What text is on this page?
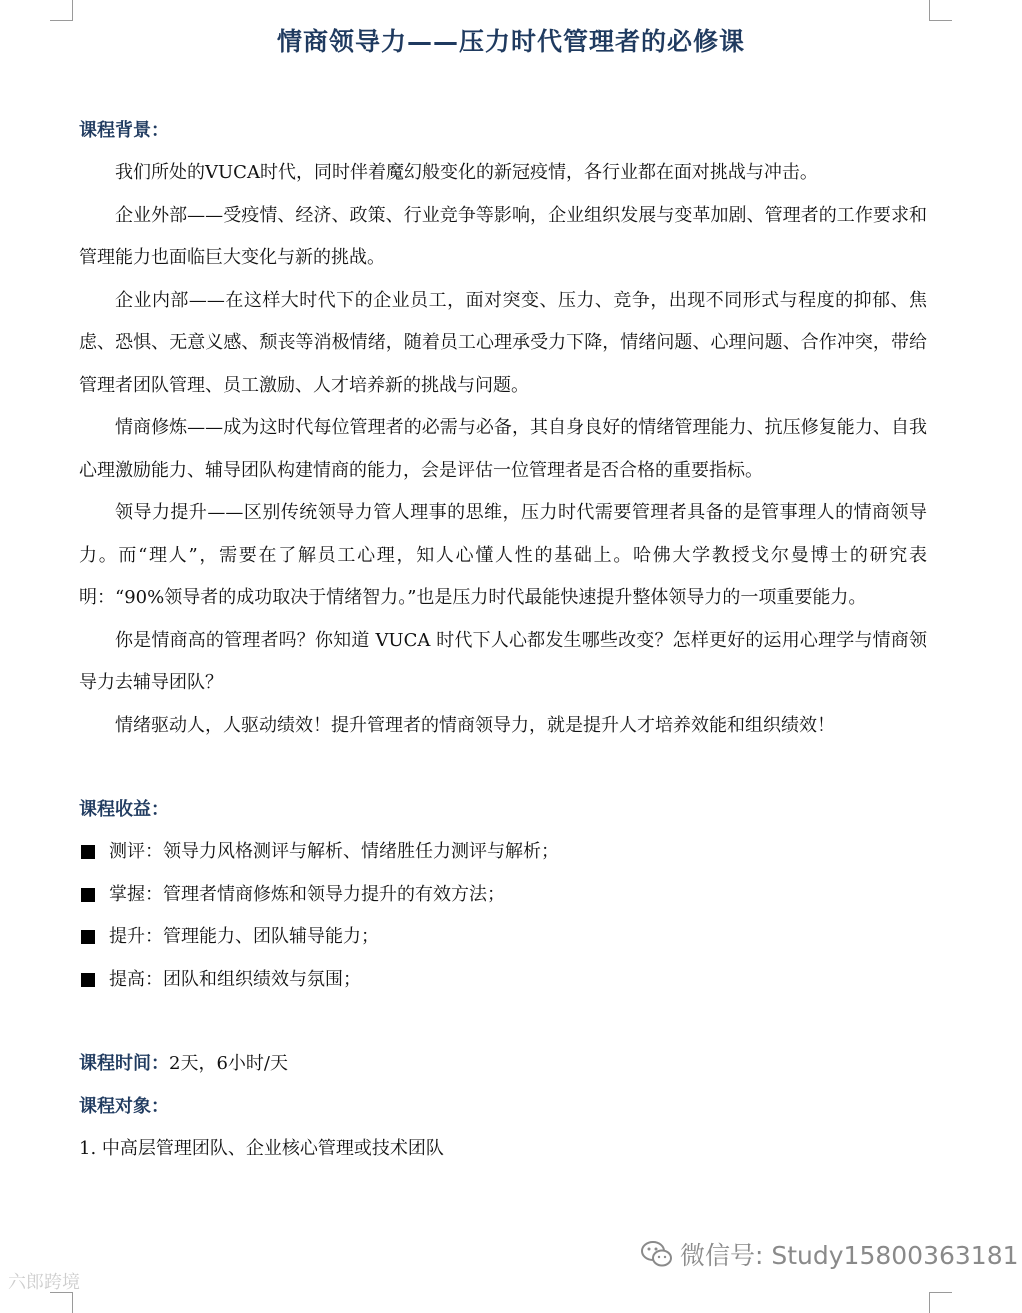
情商领导力——压力时代管理者的必修课
课程背景：

我们所处的VUCA时代，同时伴着魔幻般变化的新冠疫情，各行业都在面对挑战与冲击。

企业外部——受疫情、经济、政策、行业竞争等影响，企业组织发展与变革加剧、管理者的工作要求和管理能力也面临巨大变化与新的挑战。

企业内部——在这样大时代下的企业员工，面对突变、压力、竞争，出现不同形式与程度的抑郁、焦虑、恐惧、无意义感、颓丧等消极情绪，随着员工心理承受力下降，情绪问题、心理问题、合作冲突，带给管理者团队管理、员工激励、人才培养新的挑战与问题。

情商修炼——成为这时代每位管理者的必需与必备，其自身良好的情绪管理能力、抗压修复能力、自我心理激励能力、辅导团队构建情商的能力，会是评估一位管理者是否合格的重要指标。

领导力提升——区别传统领导力管人理事的思维，压力时代需要管理者具备的是管事理人的情商领导力。而“理人”，需要在了解员工心理，知人心懂人性的基础上。哈佛大学教授戈尔曼博士的研究表明：“90%领导者的成功取决于情绪智力。”也是压力时代最能快速提升整体领导力的一项重要能力。

你是情商高的管理者吗？你知道 VUCA 时代下人心都发生哪些改变？怎样更好的运用心理学与情商领导力去辅导团队？

情绪驱动人，人驱动绩效！提升管理者的情商领导力，就是提升人才培养效能和组织绩效！

课程收益：
测评：领导力风格测评与解析、情绪胜任力测评与解析；
掌握：管理者情商修炼和领导力提升的有效方法；
提升：管理能力、团队辅导能力；
提高：团队和组织绩效与氛围；
课程时间：2天，6小时/天
课程对象：
1. 中高层管理团队、企业核心管理或技术团队
微信号: Study15800363181
六郎跨境
